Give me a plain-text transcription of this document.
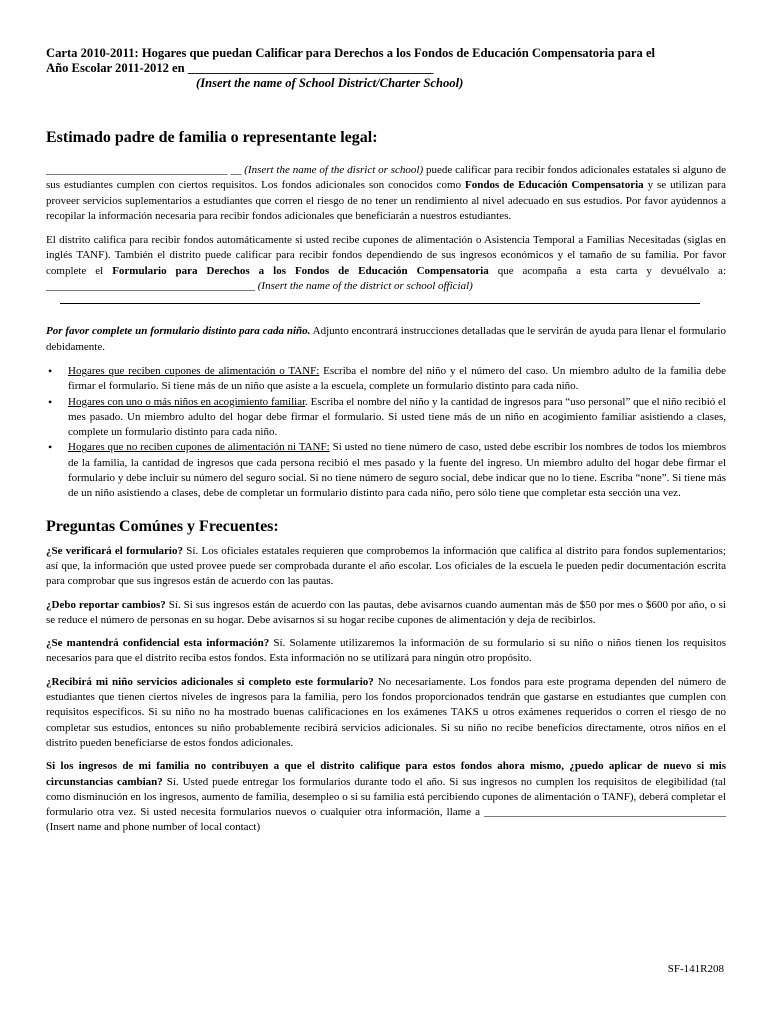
Carta 2010-2011: Hogares que puedan Calificar para Derechos a los Fondos de Educación Compensatoria para el
Año Escolar 2011-2012 en _______________________________________
(Insert the name of School District/Charter School)
Estimado padre de familia o representante legal:

_________________________________ __ (Insert the name of the disrict or school) puede calificar para recibir fondos adicionales estatales si alguno de sus estudiantes cumplen con ciertos requisitos. Los fondos adicionales son conocidos como Fondos de Educación Compensatoria y se utilizan para proveer servicios suplementarios a estudiantes que corren el riesgo de no tener un rendimiento al nivel adecuado en sus estudios. Por favor ayúdennos a recopilar la información necesaria para recibir fondos adicionales que beneficiarán a nuestros estudiantes.

El distrito califica para recibir fondos automáticamente si usted recibe cupones de alimentación o Asistencia Temporal a Familias Necesitadas (siglas en inglés TANF). También el distrito puede calificar para recibir fondos dependiendo de sus ingresos económicos y el tamaño de su familia. Por favor complete el Formulario para Derechos a los Fondos de Educación Compensatoria que acompaña a esta carta y devuélvalo a: ______________________________________ (Insert the name of the district or school official)

Por favor complete un formulario distinto para cada niño. Adjunto encontrará instrucciones detalladas que le servirán de ayuda para llenar el formulario debidamente.

• Hogares que reciben cupones de alimentación o TANF: Escriba el nombre del niño y el número del caso. Un miembro adulto de la familia debe firmar el formulario. Si tiene más de un niño que asiste a la escuela, complete un formulario distinto para cada niño.
• Hogares con uno o más niños en acogimiento familiar. Escriba el nombre del niño y la cantidad de ingresos para “uso personal” que el niño recibió el mes pasado. Un miembro adulto del hogar debe firmar el formulario. Si usted tiene más de un niño en acogimiento familiar asistiendo a clases, complete un formulario distinto para cada niño.
• Hogares que no reciben cupones de alimentación ni TANF: Si usted no tiene número de caso, usted debe escribir los nombres de todos los miembros de la familia, la cantidad de ingresos que cada persona recibió el mes pasado y la fuente del ingreso. Un miembro adulto del hogar debe firmar el formulario y debe incluir su número del seguro social. Si no tiene número de seguro social, debe indicar que no lo tiene. Escriba “none”. Si tiene más de un niño asistiendo a clases, debe de completar un formulario distinto para cada niño, pero sólo tiene que completar esta sección una vez.
Preguntas Comúnes y Frecuentes:

¿Se verificará el formulario? Sí. Los oficiales estatales requieren que comprobemos la información que califica al distrito para fondos suplementarios; así que, la información que usted provee puede ser comprobada durante el año escolar. Los oficiales de la escuela le pueden pedir documentación escrita para comprobar que sus ingresos están de acuerdo con las pautas.

¿Debo reportar cambios? Sí. Si sus ingresos están de acuerdo con las pautas, debe avisarnos cuando aumentan más de $50 por mes o $600 por año, o si se reduce el número de personas en su hogar. Debe avisarnos si su hogar recibe cupones de alimentación y deja de recibirlos.

¿Se mantendrá confidencial esta información? Sí. Solamente utilizaremos la información de su formulario si su niño o niños tienen los requisitos necesarios para que el distrito reciba estos fondos. Esta información no se utilizará para ningún otro propósito.

¿Recibirá mi niño servicios adicionales si completo este formulario? No necesariamente. Los fondos para este programa dependen del número de estudiantes que tienen ciertos niveles de ingresos para la familia, pero los fondos proporcionados tendrán que gastarse en estudiantes que cumplen con requisitos específicos. Si su niño no ha mostrado buenas calificaciones en los exámenes TAKS u otros exámenes requeridos o corren el riesgo de no completar sus estudios, entonces su niño probablemente recibirá servicios adicionales. Si su niño no recibe beneficios directamente, otros niños en el distrito pueden beneficiarse de estos fondos adicionales.

Si los ingresos de mi familia no contribuyen a que el distrito califique para estos fondos ahora mismo, ¿puedo aplicar de nuevo si mis circunstancias cambian? Sí. Usted puede entregar los formularios durante todo el año. Si sus ingresos no cumplen los requisitos de elegibilidad (tal como disminución en los ingresos, aumento de familia, desempleo o si su familia está percibiendo cupones de alimentación o TANF), deberá completar el formulario otra vez. Si usted necesita formularios nuevos o cualquier otra información, llame a ____________________________________________ (Insert name and phone number of local contact)

SF-141R208
